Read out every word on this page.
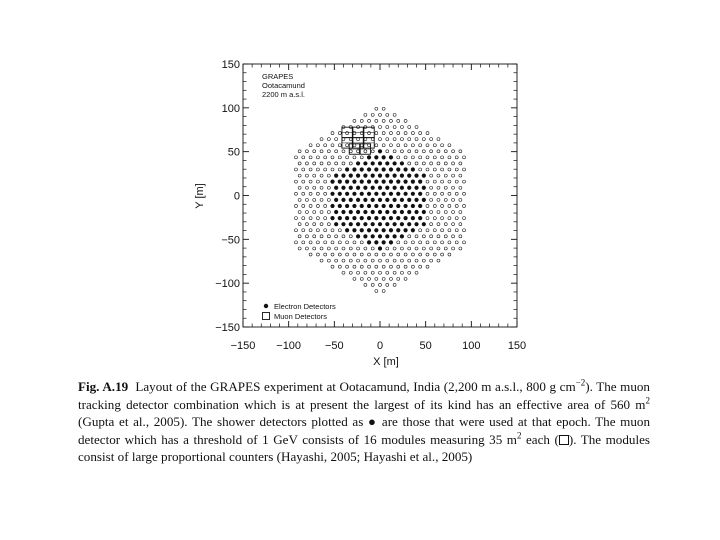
−150 −100 −50	0	50	100 150
−150
−100
−50
0
50
100
150
GRAPES
Ootacamund
2200 m a.s.l.
Electron Detectors
Muon Detectors
X [m]
Y [m]
Fig. A.19 Layout of the GRAPES experiment at Ootacamund, India (2,200 m a.s.l., 800 g $cm^{-2}$). The muon tracking detector combination which is at present the largest of its kind has an effective area of 560 $m^2$ (Gupta et al., 2005). The shower detectors plotted as ● are those that were used at that epoch. The muon detector which has a threshold of 1 GeV consists of 16 modules measuring 35 $m^2$ each ( ). The modules consist of large proportional counters (Hayashi, 2005; Hayashi et al., 2005)
